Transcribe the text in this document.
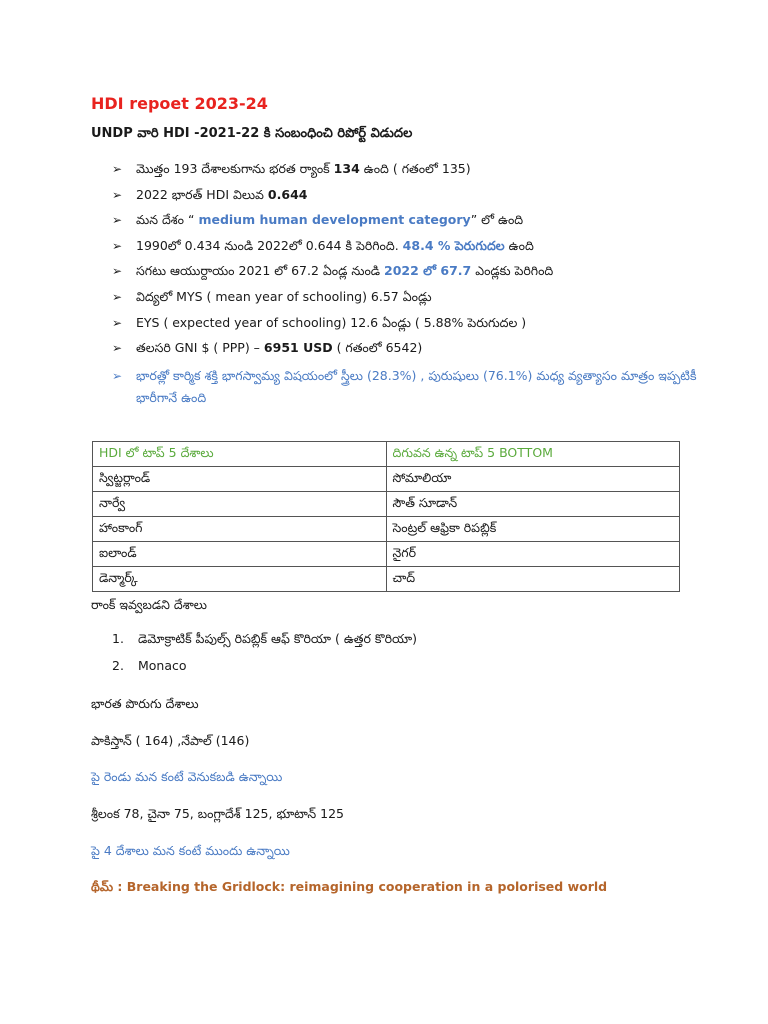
HDI repoet 2023-24
UNDP వారి HDI -2021-22 కి సంబంధించి రిపోర్ట్ విడుదల
➢ మొత్తం 193 దేశాలకుగాను భరత ర్యాంక్ 134 ఉంది ( గతంలో 135)
➢ 2022 భారత్ HDI విలువ 0.644
➢ మన దేశం “ medium human development category” లో ఉంది
➢ 1990లో 0.434 నుండి 2022లో 0.644 కి పెరిగింది. 48.4 % పెరుగుదల ఉంది
➢ సగటు ఆయుర్దాయం 2021 లో 67.2 ఏండ్ల నుండి 2022 లో 67.7 ఎండ్లకు పెరిగింది
➢ విద్యలో MYS ( mean year of schooling) 6.57 ఏండ్లు
➢ EYS ( expected year of schooling) 12.6 ఏండ్లు ( 5.88% పెరుగుదల )
➢ తలసరి GNI $ ( PPP) – 6951 USD ( గతంలో 6542)
➢ భారత్లో కార్మిక శక్తి భాగస్వామ్య విషయంలో స్త్రీలు (28.3%) , పురుషులు (76.1%) మధ్య వ్యత్యాసం మాత్రం ఇప్పటికీ భారీగానే ఉంది
HDI లో టాప్ 5 దేశాలు	దిగువన ఉన్న టాప్ 5 BOTTOM
స్విట్జర్లాండ్	సోమాలియా
నార్వే	సౌత్ సూడాన్
హాంకాంగ్	సెంట్రల్ ఆఫ్రికా రిపబ్లిక్
ఐలాండ్	నైగర్
డెన్మార్క్	చాద్
రాంక్ ఇవ్వబడని దేశాలు
1. డెమోక్రాటిక్ పీపుల్స్ రిపబ్లిక్ ఆఫ్ కొరియా ( ఉత్తర కొరియా)
2. Monaco
భారత పొరుగు దేశాలు
పాకిస్తాన్ ( 164) ,నేపాల్ (146)
పై రెండు మన కంటే వెనుకబడి ఉన్నాయి
శ్రీలంక 78, చైనా 75, బంగ్లాదేశ్ 125, భూటాన్ 125
పై 4 దేశాలు మన కంటే ముందు ఉన్నాయి
థీమ్ : Breaking the Gridlock: reimagining cooperation in a polorised world
